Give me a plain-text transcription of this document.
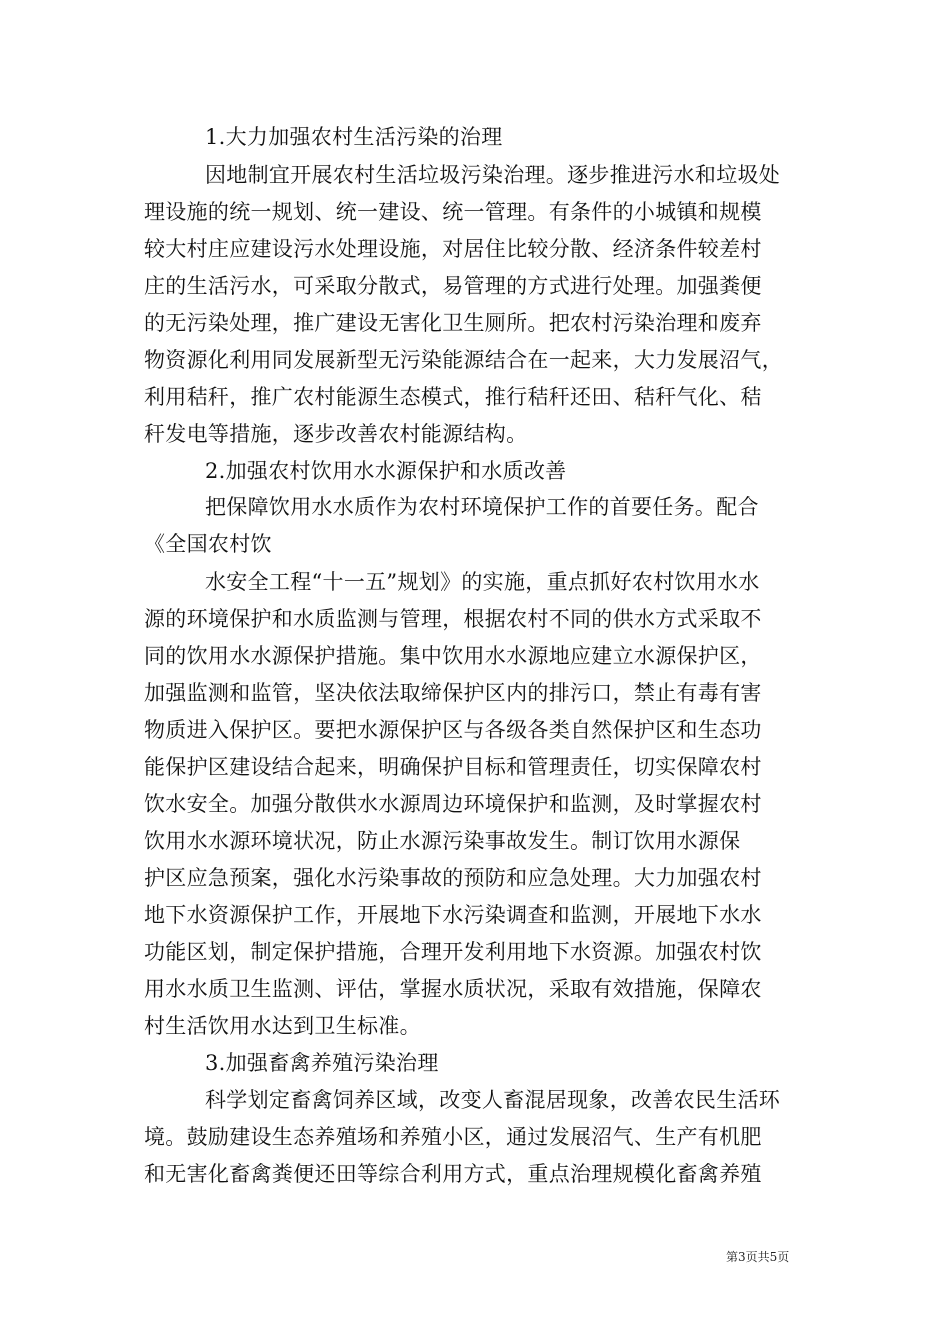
1.大力加强农村生活污染的治理
因地制宜开展农村生活垃圾污染治理。逐步推进污水和垃圾处
理设施的统一规划、统一建设、统一管理。有条件的小城镇和规模
较大村庄应建设污水处理设施，对居住比较分散、经济条件较差村
庄的生活污水，可采取分散式，易管理的方式进行处理。加强粪便
的无污染处理，推广建设无害化卫生厕所。把农村污染治理和废弃
物资源化利用同发展新型无污染能源结合在一起来，大力发展沼气，
利用秸秆，推广农村能源生态模式，推行秸秆还田、秸秆气化、秸
秆发电等措施，逐步改善农村能源结构。
2.加强农村饮用水水源保护和水质改善
把保障饮用水水质作为农村环境保护工作的首要任务。配合
《全国农村饮
水安全工程“十一五”规划》的实施，重点抓好农村饮用水水
源的环境保护和水质监测与管理，根据农村不同的供水方式采取不
同的饮用水水源保护措施。集中饮用水水源地应建立水源保护区，
加强监测和监管，坚决依法取缔保护区内的排污口，禁止有毒有害
物质进入保护区。要把水源保护区与各级各类自然保护区和生态功
能保护区建设结合起来，明确保护目标和管理责任，切实保障农村
饮水安全。加强分散供水水源周边环境保护和监测，及时掌握农村
饮用水水源环境状况，防止水源污染事故发生。制订饮用水源保
护区应急预案，强化水污染事故的预防和应急处理。大力加强农村
地下水资源保护工作，开展地下水污染调查和监测，开展地下水水
功能区划，制定保护措施，合理开发利用地下水资源。加强农村饮
用水水质卫生监测、评估，掌握水质状况，采取有效措施，保障农
村生活饮用水达到卫生标准。
3.加强畜禽养殖污染治理
科学划定畜禽饲养区域，改变人畜混居现象，改善农民生活环
境。鼓励建设生态养殖场和养殖小区，通过发展沼气、生产有机肥
和无害化畜禽粪便还田等综合利用方式，重点治理规模化畜禽养殖
第3页共5页
